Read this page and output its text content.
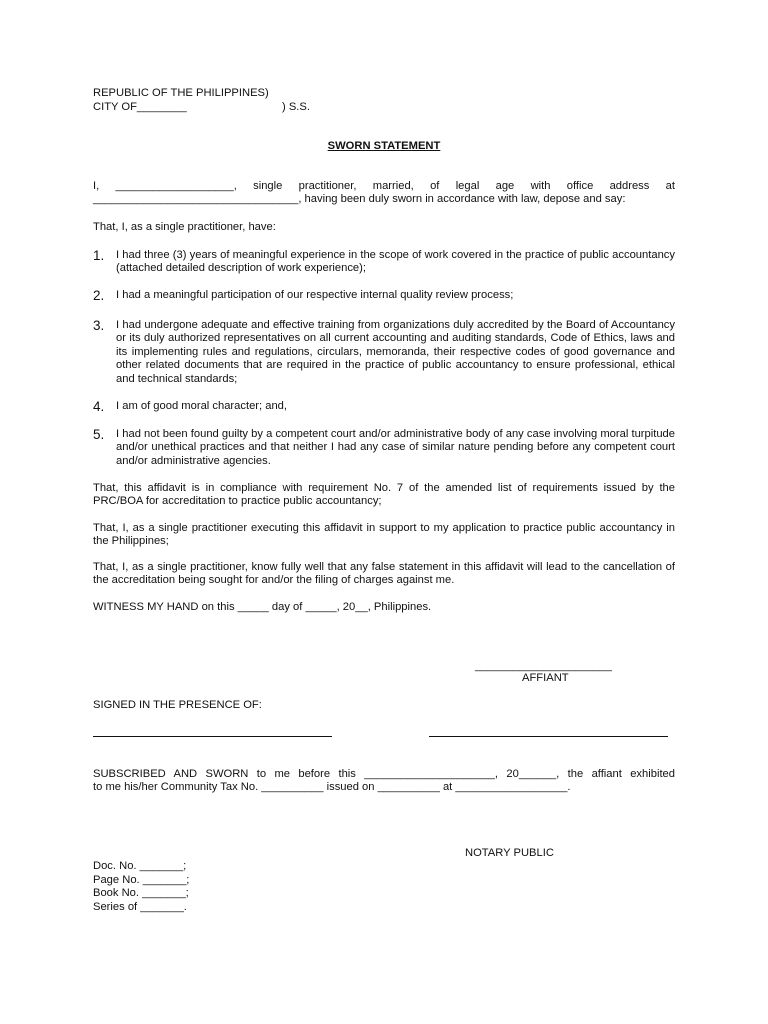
REPUBLIC OF THE PHILIPPINES)
CITY OF________	) S.S.
SWORN STATEMENT
I, ___________________, single practitioner, married, of legal age with office address at
_________________________________, having been duly sworn in accordance with law, depose and say:
That, I, as a single practitioner, have:
1.	I had three (3) years of meaningful experience in the scope of work covered in the practice of public accountancy (attached detailed description of work experience);
2.	I had a meaningful participation of our respective internal quality review process;
3.	I had undergone adequate and effective training from organizations duly accredited by the Board of Accountancy or its duly authorized representatives on all current accounting and auditing standards, Code of Ethics, laws and its implementing rules and regulations, circulars, memoranda, their respective codes of good governance and other related documents that are required in the practice of public accountancy to ensure professional, ethical and technical standards;
4.	I am of good moral character; and,
5.	I had not been found guilty by a competent court and/or administrative body of any case involving moral turpitude and/or unethical practices and that neither I had any case of similar nature pending before any competent court and/or administrative agencies.
That, this affidavit is in compliance with requirement No. 7 of the amended list of requirements issued by the PRC/BOA for accreditation to practice public accountancy;
That, I, as a single practitioner executing this affidavit in support to my application to practice public accountancy in the Philippines;
That, I, as a single practitioner, know fully well that any false statement in this affidavit will lead to the cancellation of the accreditation being sought for and/or the filing of charges against me.
WITNESS MY HAND on this _____ day of _____, 20__, Philippines.
______________________
AFFIANT
SIGNED IN THE PRESENCE OF:
SUBSCRIBED AND SWORN to me before this _____________________, 20______, the affiant exhibited
to me his/her Community Tax No. __________ issued on __________ at __________________.
NOTARY PUBLIC
Doc. No. _______;
Page No. _______;
Book No. _______;
Series of _______.
